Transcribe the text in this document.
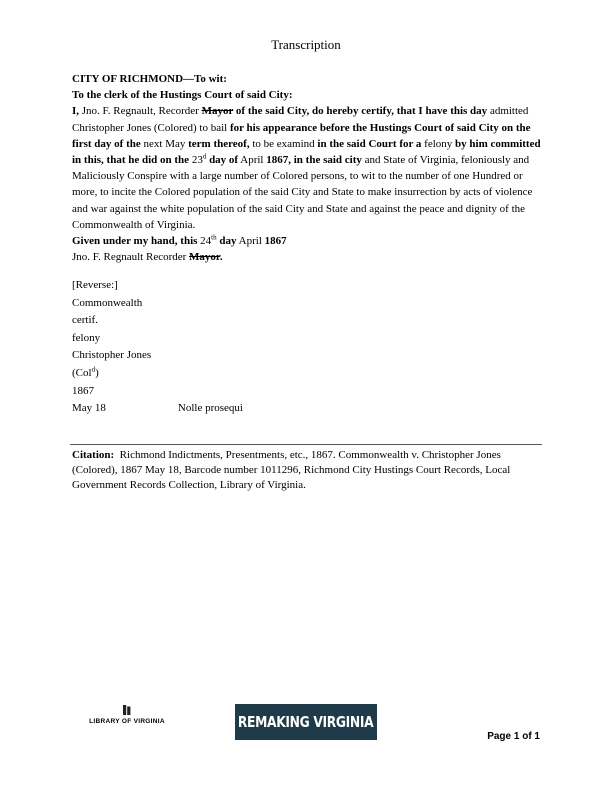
Transcription

CITY OF RICHMOND—To wit:

To the clerk of the Hustings Court of said City:

I, Jno. F. Regnault, Recorder Mayor of the said City, do hereby certify, that I have this day admitted Christopher Jones (Colored) to bail for his appearance before the Hustings Court of said City on the first day of the next May term thereof, to be examind in the said Court for a felony by him committed in this, that he did on the 23$^d$ day of April 1867, in the said city and State of Virginia, feloniously and Maliciously Conspire with a large number of Colored persons, to wit to the number of one Hundred or more, to incite the Colored population of the said City and State to make insurrection by acts of violence and war against the white population of the said City and State and against the peace and dignity of the Commonwealth of Virginia.

Given under my hand, this 24th day April 1867

Jno. F. Regnault Recorder Mayor.

[Reverse:]
Commonwealth
certif.
felony
Christopher Jones
(Col$^d$)
1867
May 18	Nolle prosequi
Citation: Richmond Indictments, Presentments, etc., 1867. Commonwealth v. Christopher Jones (Colored), 1867 May 18, Barcode number 1011296, Richmond City Hustings Court Records, Local Government Records Collection, Library of Virginia.
LIBRARY OF VIRGINIA	REMAKING VIRGINIA
Page 1 of 1
